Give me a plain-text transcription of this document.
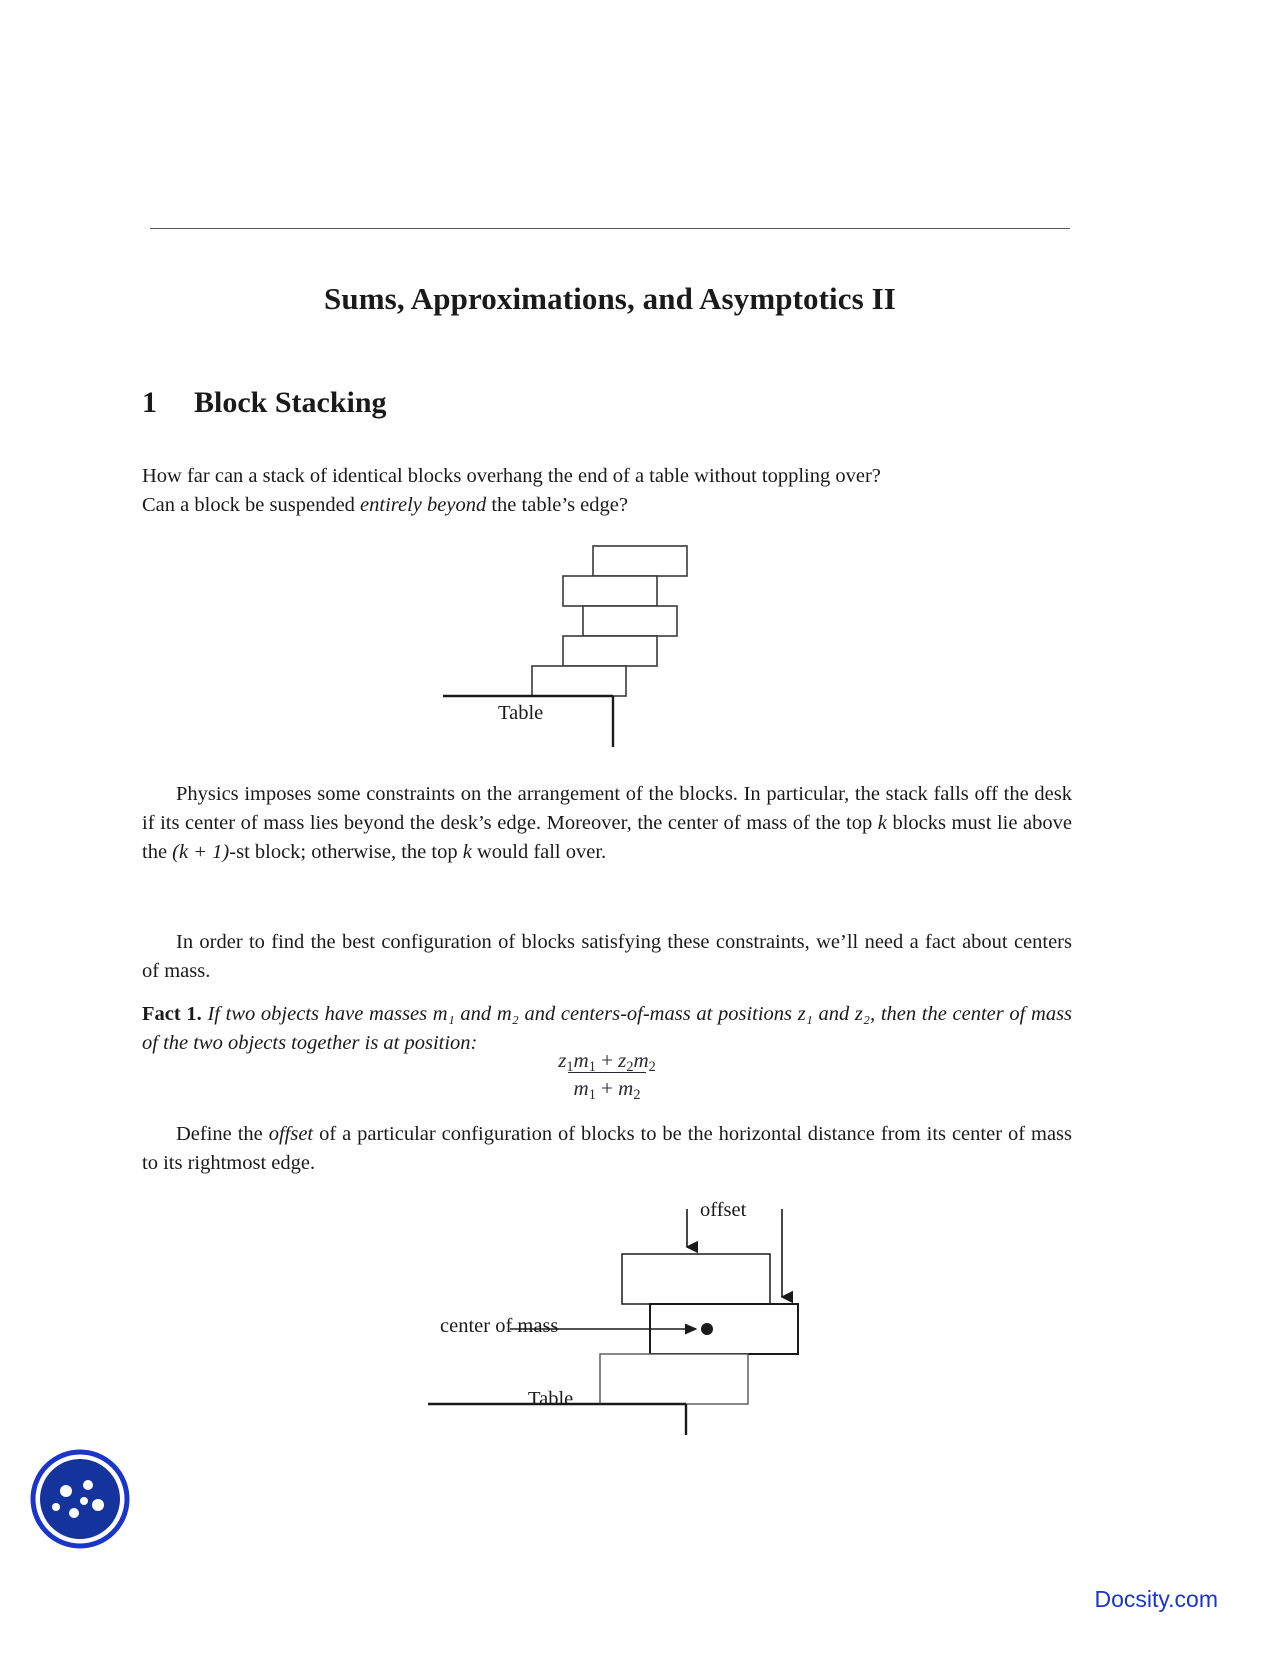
Sums, Approximations, and Asymptotics II
1 Block Stacking
How far can a stack of identical blocks overhang the end of a table without toppling over?
Can a block be suspended entirely beyond the table’s edge?
Table
Physics imposes some constraints on the arrangement of the blocks. In particular, the stack falls off the desk if its center of mass lies beyond the desk’s edge. Moreover, the center of mass of the top k blocks must lie above the (k + 1)-st block; otherwise, the top k would fall over.
In order to find the best configuration of blocks satisfying these constraints, we’ll need a fact about centers of mass.
Fact 1. If two objects have masses m₁ and m₂ and centers-of-mass at positions z₁ and z₂, then the center of mass of the two objects together is at position:
$\frac{z_1m_1 + z_2m_2}{m_1 + m_2}$
Define the offset of a particular configuration of blocks to be the horizontal distance from its center of mass to its rightmost edge.
offset
center of mass
Table
Docsity.com
